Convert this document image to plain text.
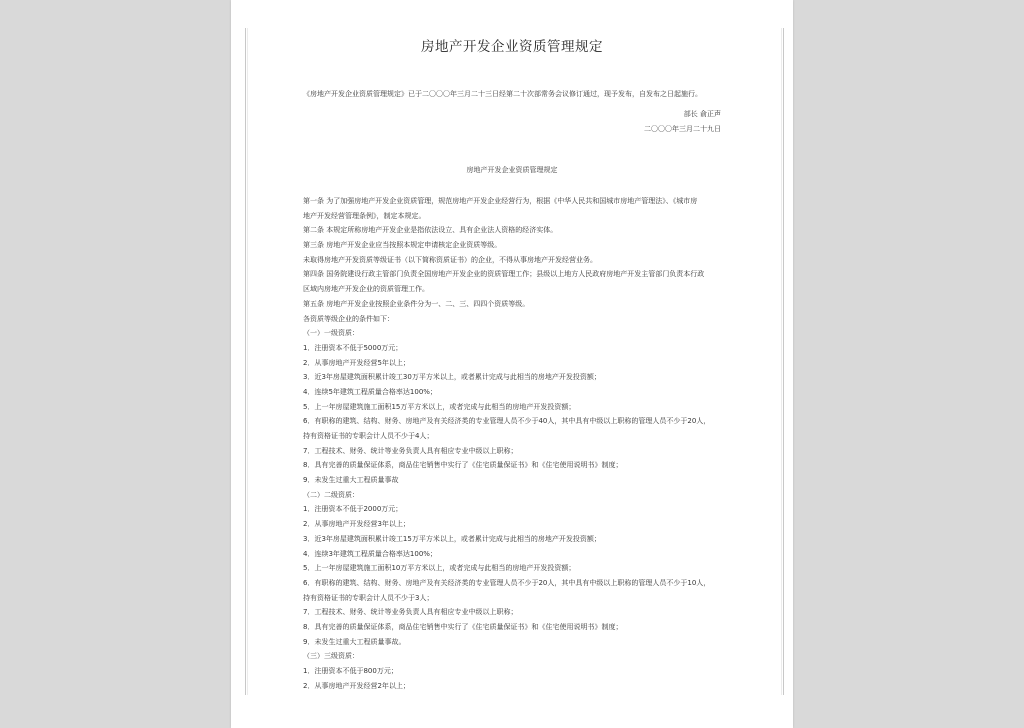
房地产开发企业资质管理规定
《房地产开发企业资质管理规定》已于二〇〇〇年三月二十三日经第二十次部常务会议修订通过，现予发布，自发布之日起施行。
部长 俞正声
二〇〇〇年三月二十九日
房地产开发企业资质管理规定
第一条 为了加强房地产开发企业资质管理，规范房地产开发企业经营行为，根据《中华人民共和国城市房地产管理法》、《城市房
地产开发经营管理条例》，制定本规定。
第二条 本规定所称房地产开发企业是指依法设立、具有企业法人资格的经济实体。
第三条 房地产开发企业应当按照本规定申请核定企业资质等级。
未取得房地产开发资质等级证书（以下简称资质证书）的企业，不得从事房地产开发经营业务。
第四条 国务院建设行政主管部门负责全国房地产开发企业的资质管理工作；县级以上地方人民政府房地产开发主管部门负责本行政
区域内房地产开发企业的资质管理工作。
第五条 房地产开发企业按照企业条件分为一、二、三、四四个资质等级。
各资质等级企业的条件如下：
（一）一级资质：
1．注册资本不低于5000万元；
2．从事房地产开发经营5年以上；
3．近3年房屋建筑面积累计竣工30万平方米以上，或者累计完成与此相当的房地产开发投资额；
4．连续5年建筑工程质量合格率达100%；
5．上一年房屋建筑施工面积15万平方米以上，或者完成与此相当的房地产开发投资额；
6．有职称的建筑、结构、财务、房地产及有关经济类的专业管理人员不少于40人，其中具有中级以上职称的管理人员不少于20人，
持有资格证书的专职会计人员不少于4人；
7．工程技术、财务、统计等业务负责人具有相应专业中级以上职称；
8．具有完善的质量保证体系，商品住宅销售中实行了《住宅质量保证书》和《住宅使用说明书》制度；
9．未发生过重大工程质量事故
（二）二级资质：
1．注册资本不低于2000万元；
2．从事房地产开发经营3年以上；
3．近3年房屋建筑面积累计竣工15万平方米以上，或者累计完成与此相当的房地产开发投资额；
4．连续3年建筑工程质量合格率达100%；
5．上一年房屋建筑施工面积10万平方米以上，或者完成与此相当的房地产开发投资额；
6．有职称的建筑、结构、财务、房地产及有关经济类的专业管理人员不少于20人，其中具有中级以上职称的管理人员不少于10人，
持有资格证书的专职会计人员不少于3人；
7．工程技术、财务、统计等业务负责人具有相应专业中级以上职称；
8．具有完善的质量保证体系，商品住宅销售中实行了《住宅质量保证书》和《住宅使用说明书》制度；
9．未发生过重大工程质量事故。
（三）三级资质：
1．注册资本不低于800万元；
2．从事房地产开发经营2年以上；
